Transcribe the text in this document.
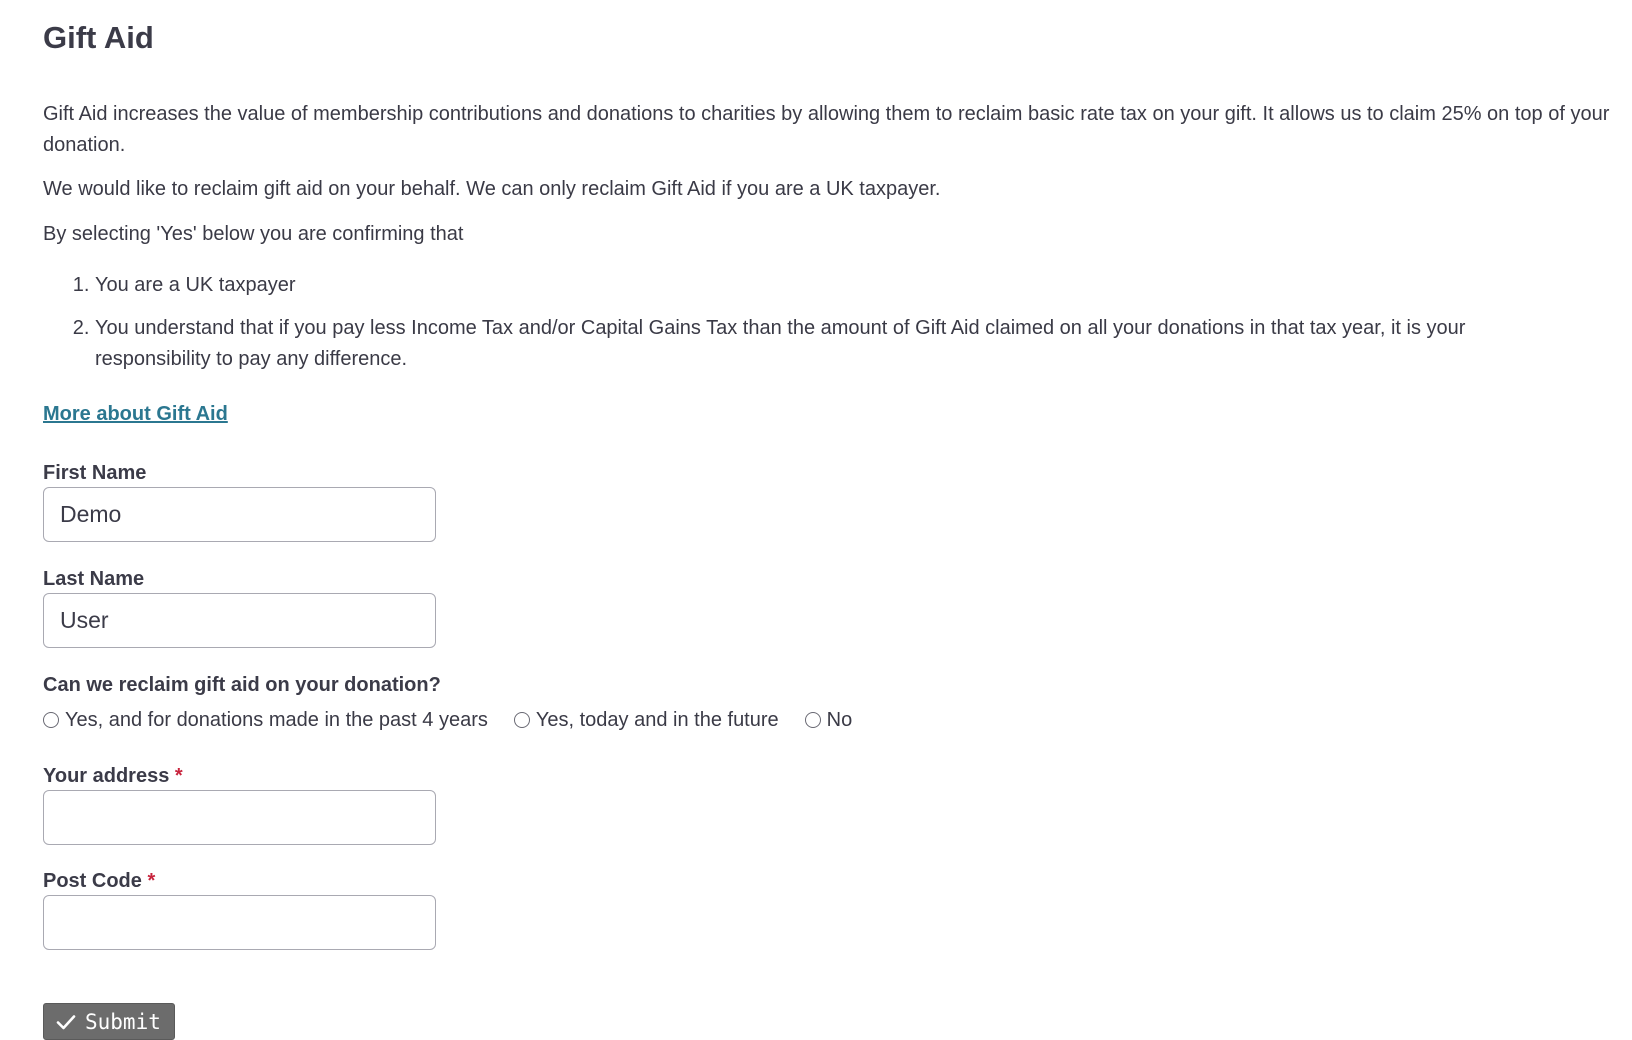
Gift Aid

Gift Aid increases the value of membership contributions and donations to charities by allowing them to reclaim basic rate tax on your gift. It allows us to claim 25% on top of your donation.

We would like to reclaim gift aid on your behalf. We can only reclaim Gift Aid if you are a UK taxpayer.

By selecting 'Yes' below you are confirming that

1. You are a UK taxpayer
2. You understand that if you pay less Income Tax and/or Capital Gains Tax than the amount of Gift Aid claimed on all your donations in that tax year, it is your responsibility to pay any difference.
More about Gift Aid
First Name
Demo
Last Name
User
Can we reclaim gift aid on your donation?
Yes, and for donations made in the past 4 years Yes, today and in the future No
Your address *
Post Code *
Submit
